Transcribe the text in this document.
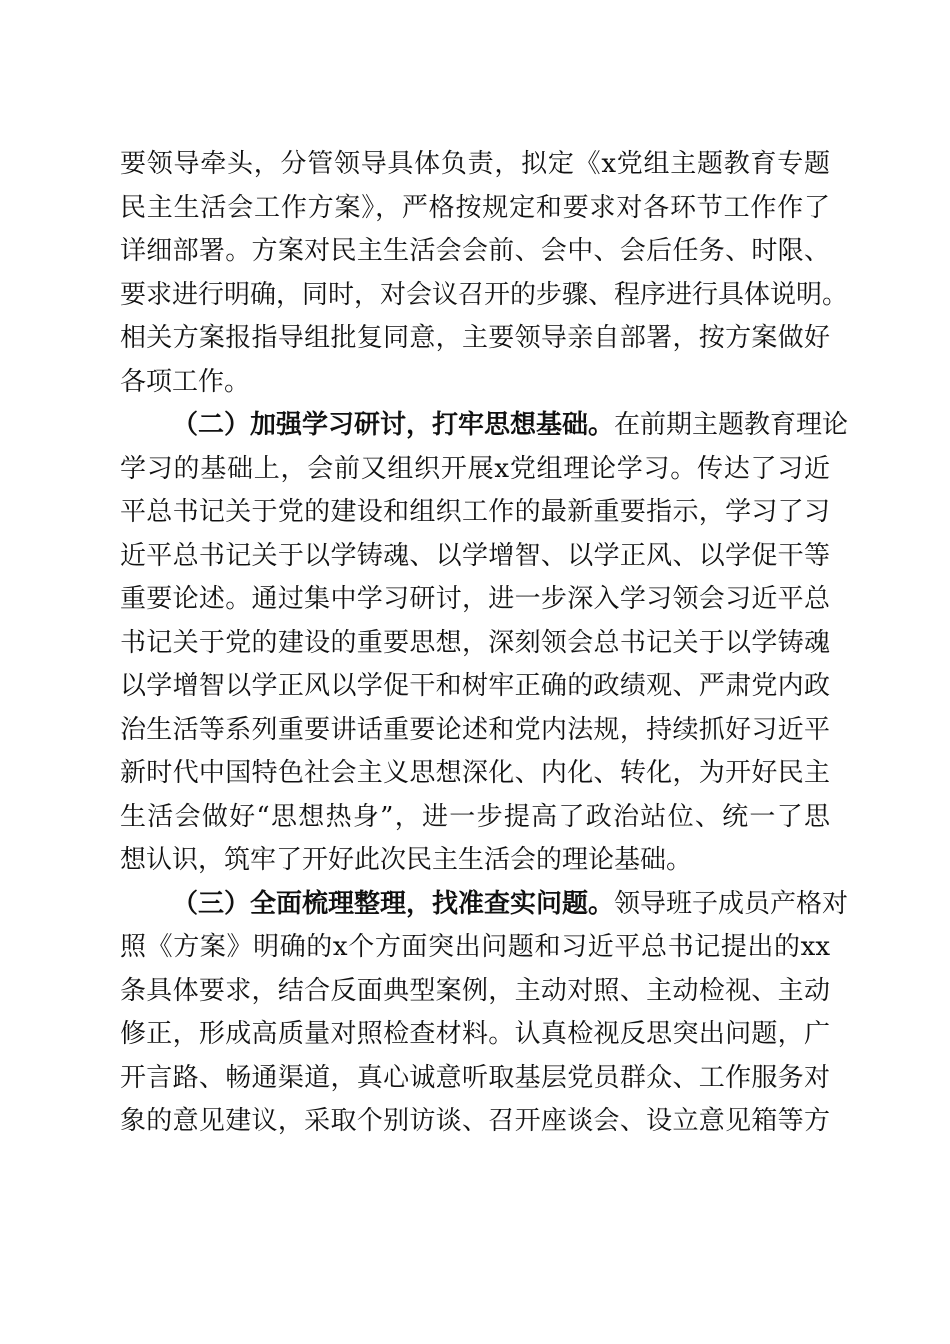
要领导牵头，分管领导具体负责，拟定《x党组主题教育专题
民主生活会工作方案》，严格按规定和要求对各环节工作作了
详细部署。方案对民主生活会会前、会中、会后任务、时限、
要求进行明确，同时，对会议召开的步骤、程序进行具体说明。
相关方案报指导组批复同意，主要领导亲自部署，按方案做好
各项工作。
（二）加强学习研讨，打牢思想基础。在前期主题教育理论
学习的基础上，会前又组织开展x党组理论学习。传达了习近
平总书记关于党的建设和组织工作的最新重要指示，学习了习
近平总书记关于以学铸魂、以学增智、以学正风、以学促干等
重要论述。通过集中学习研讨，进一步深入学习领会习近平总
书记关于党的建设的重要思想，深刻领会总书记关于以学铸魂
以学增智以学正风以学促干和树牢正确的政绩观、严肃党内政
治生活等系列重要讲话重要论述和党内法规，持续抓好习近平
新时代中国特色社会主义思想深化、内化、转化，为开好民主
生活会做好“思想热身”，进一步提高了政治站位、统一了思
想认识，筑牢了开好此次民主生活会的理论基础。
（三）全面梳理整理，找准查实问题。领导班子成员产格对
照《方案》明确的x个方面突出问题和习近平总书记提出的xx
条具体要求，结合反面典型案例，主动对照、主动检视、主动
修正，形成高质量对照检查材料。认真检视反思突出问题，广
开言路、畅通渠道，真心诚意听取基层党员群众、工作服务对
象的意见建议，采取个别访谈、召开座谈会、设立意见箱等方
